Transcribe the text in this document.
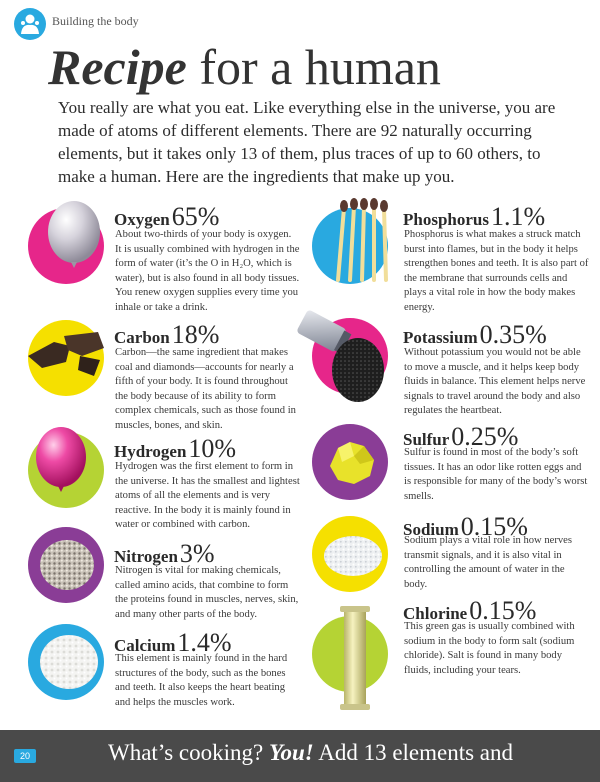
Building the body
Recipe for a human
You really are what you eat. Like everything else in the universe, you are made of atoms of different elements. There are 92 naturally occurring elements, but it takes only 13 of them, plus traces of up to 60 others, to make a human. Here are the ingredients that make up you.
Oxygen65%
About two-thirds of your body is oxygen. It is usually combined with hydrogen in the form of water (it’s the O in H₂O, which is water), but is also found in all body tissues. You renew oxygen supplies every time you inhale or take a drink.
Carbon18%
Carbon—the same ingredient that makes coal and diamonds—accounts for nearly a fifth of your body. It is found throughout the body because of its ability to form complex chemicals, such as those found in muscles, bones, and skin.
Hydrogen10%
Hydrogen was the first element to form in the universe. It has the smallest and lightest atoms of all the elements and is very reactive. In the body it is mainly found in water or combined with carbon.
Nitrogen3%
Nitrogen is vital for making chemicals, called amino acids, that combine to form the proteins found in muscles, nerves, skin, and many other parts of the body.
Calcium1.4%
This element is mainly found in the hard structures of the body, such as the bones and teeth. It also keeps the heart beating and helps the muscles work.
Phosphorus1.1%
Phosphorus is what makes a struck match burst into flames, but in the body it helps strengthen bones and teeth. It is also part of the membrane that surrounds cells and plays a vital role in how the body makes energy.
Potassium0.35%
Without potassium you would not be able to move a muscle, and it helps keep body fluids in balance. This element helps nerve signals to travel around the body and also regulates the heartbeat.
Sulfur0.25%
Sulfur is found in most of the body’s soft tissues. It has an odor like rotten eggs and is responsible for many of the body’s worst smells.
Sodium0.15%
Sodium plays a vital role in how nerves transmit signals, and it is also vital in controlling the amount of water in the body.
Chlorine0.15%
This green gas is usually combined with sodium in the body to form salt (sodium chloride). Salt is found in many body fluids, including your tears.
20	What’s cooking? You! Add 13 elements and
